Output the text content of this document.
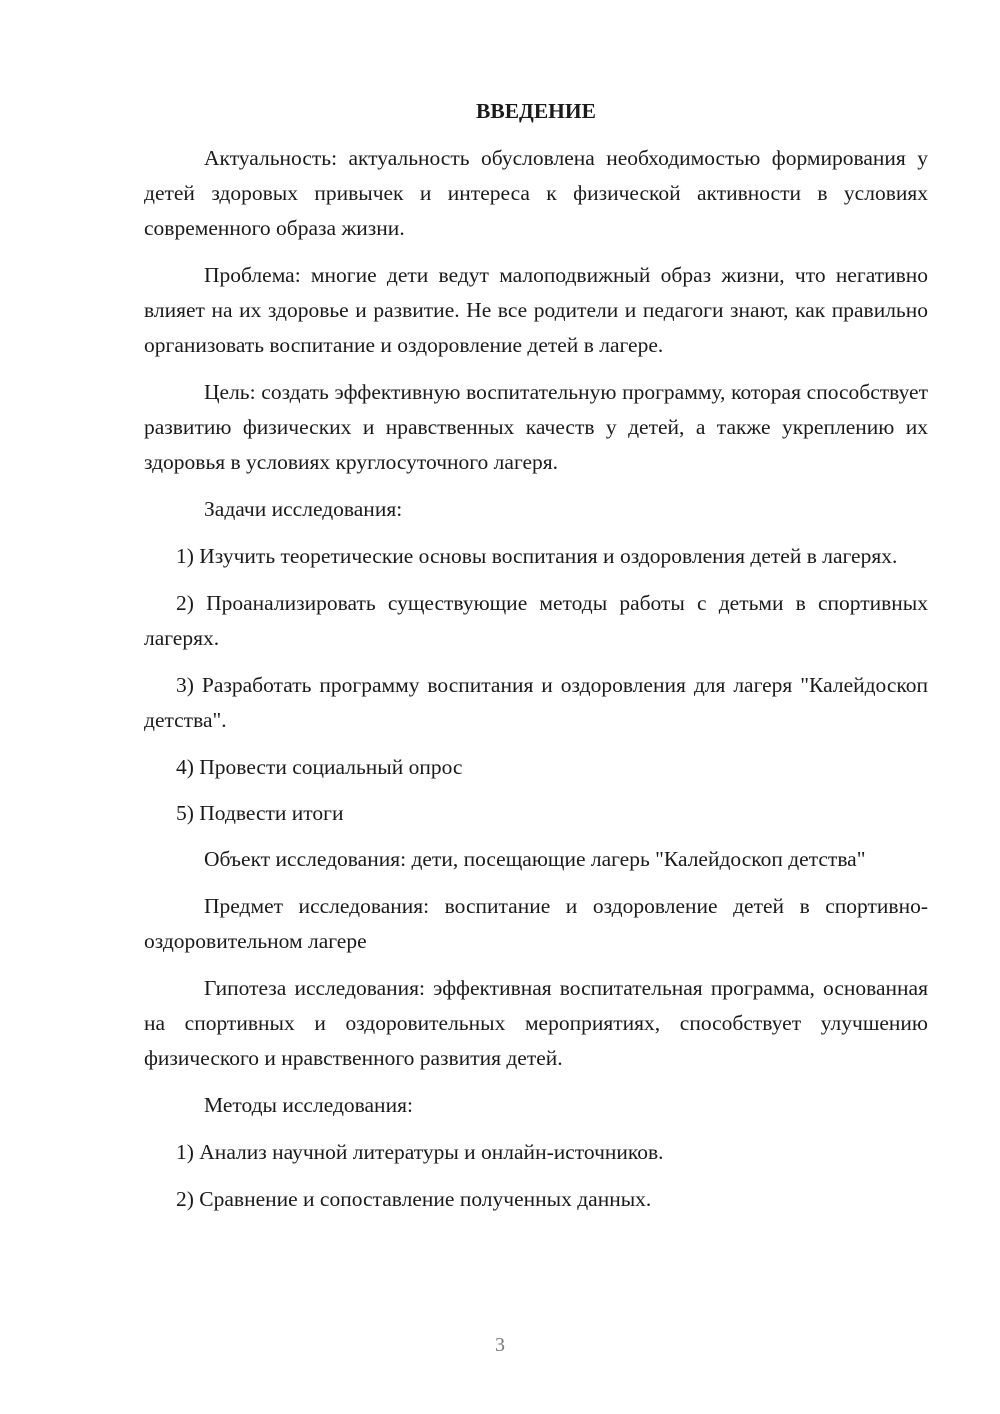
ВВЕДЕНИЕ

Актуальность: актуальность обусловлена необходимостью формирования у детей здоровых привычек и интереса к физической активности в условиях современного образа жизни.

Проблема: многие дети ведут малоподвижный образ жизни, что негативно влияет на их здоровье и развитие. Не все родители и педагоги знают, как правильно организовать воспитание и оздоровление детей в лагере.

Цель: создать эффективную воспитательную программу, которая способствует развитию физических и нравственных качеств у детей, а также укреплению их здоровья в условиях круглосуточного лагеря.

Задачи исследования:

1) Изучить теоретические основы воспитания и оздоровления детей в лагерях.

2) Проанализировать существующие методы работы с детьми в спортивных лагерях.

3) Разработать программу воспитания и оздоровления для лагеря "Калейдоскоп детства".

4) Провести социальный опрос

5) Подвести итоги

Объект исследования: дети, посещающие лагерь "Калейдоскоп детства"

Предмет исследования: воспитание и оздоровление детей в спортивно-оздоровительном лагере

Гипотеза исследования: эффективная воспитательная программа, основанная на спортивных и оздоровительных мероприятиях, способствует улучшению физического и нравственного развития детей.

Методы исследования:

1) Анализ научной литературы и онлайн-источников.

2) Сравнение и сопоставление полученных данных.

3
